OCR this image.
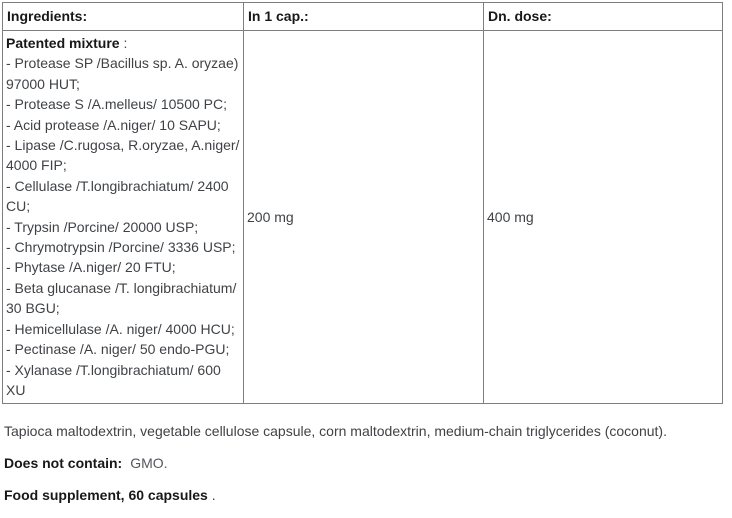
Ingredients:	In 1 cap.:	Dn. dose:

Patented mixture :
- Protease SP /Bacillus sp. A. oryzae) 97000 HUT;
- Protease S /A.melleus/ 10500 PC;
- Acid protease /A.niger/ 10 SAPU;
- Lipase /C.rugosa, R.oryzae, A.niger/ 4000 FIP;
- Cellulase /T.longibrachiatum/ 2400 CU;
- Trypsin /Porcine/ 20000 USP;
- Chrymotrypsin /Porcine/ 3336 USP;
- Phytase /A.niger/ 20 FTU;
- Beta glucanase /T. longibrachiatum/ 30 BGU;
- Hemicellulase /A. niger/ 4000 HCU;
- Pectinase /A. niger/ 50 endo-PGU;
- Xylanase /T.longibrachiatum/ 600 XU
	200 mg	400 mg

Tapioca maltodextrin, vegetable cellulose capsule, corn maltodextrin, medium-chain triglycerides (coconut).

Does not contain: GMO.

Food supplement, 60 capsules .
